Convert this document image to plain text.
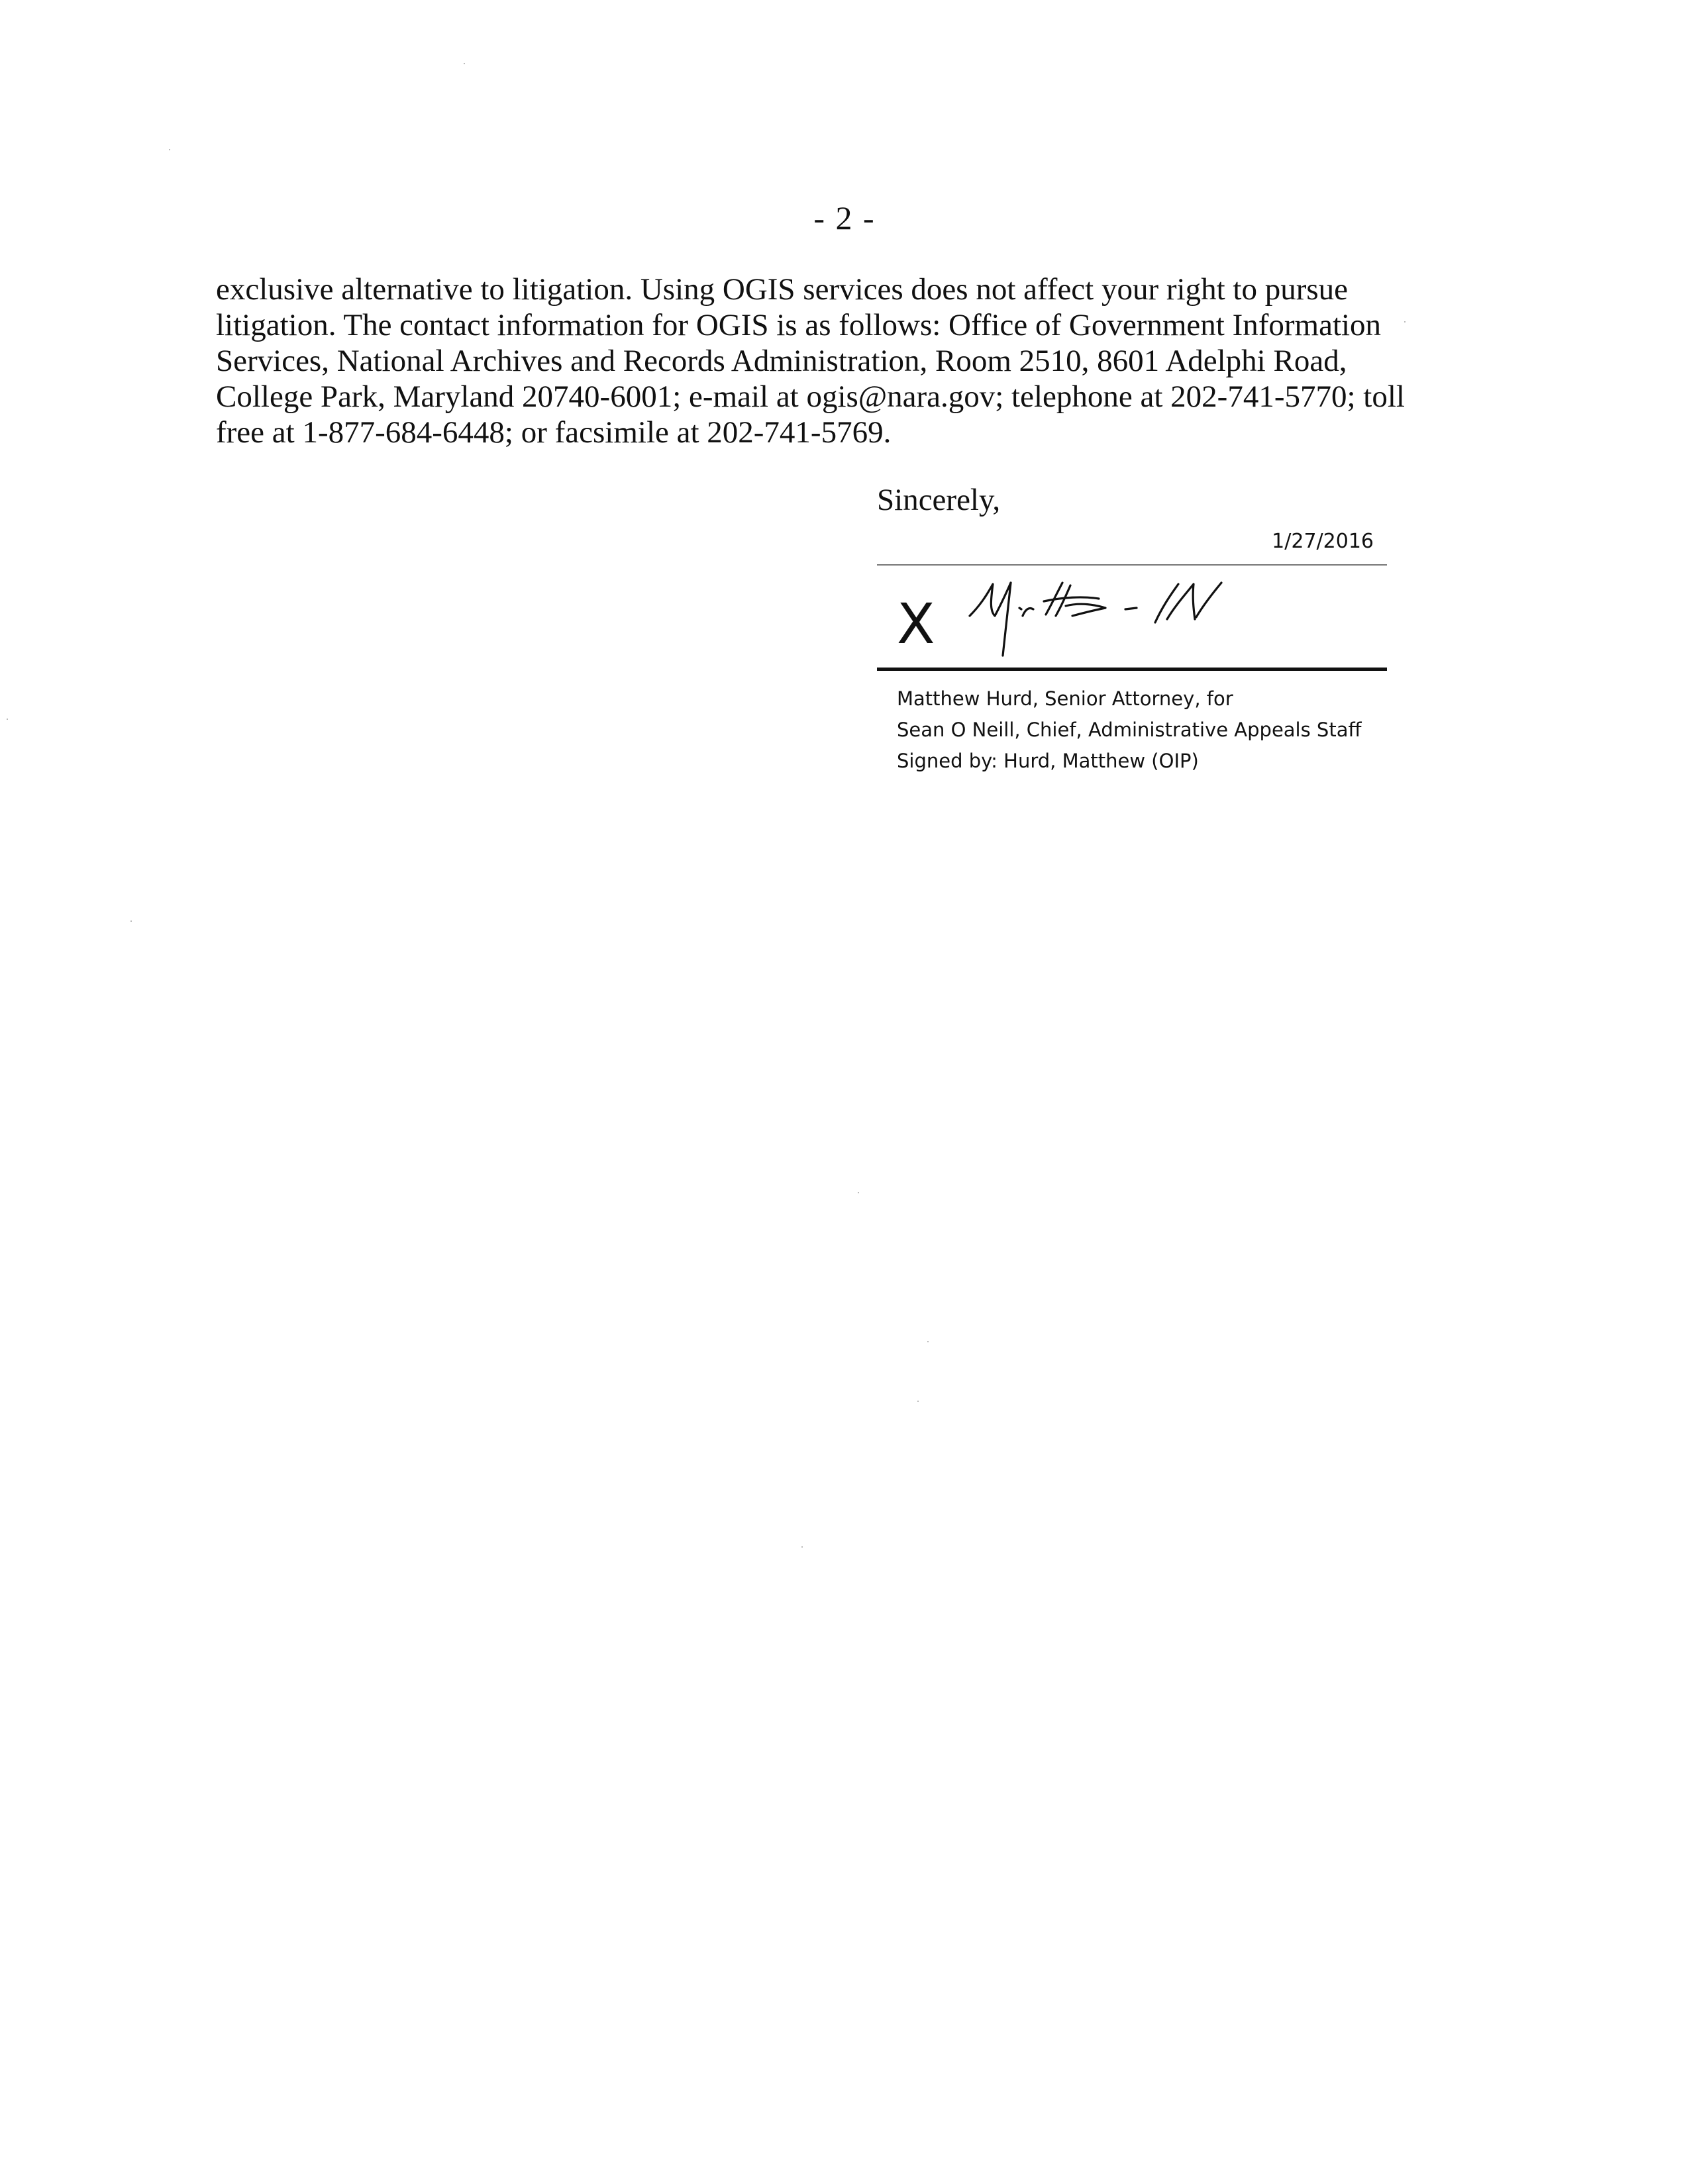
- 2 -
exclusive alternative to litigation. Using OGIS services does not affect your right to pursue
litigation. The contact information for OGIS is as follows: Office of Government Information
Services, National Archives and Records Administration, Room 2510, 8601 Adelphi Road,
College Park, Maryland 20740-6001; e-mail at ogis@nara.gov; telephone at 202-741-5770; toll
free at 1-877-684-6448; or facsimile at 202-741-5769.
Sincerely,
1/27/2016
X
Matthew Hurd, Senior Attorney, for
Sean O Neill, Chief, Administrative Appeals Staff
Signed by: Hurd, Matthew (OIP)
